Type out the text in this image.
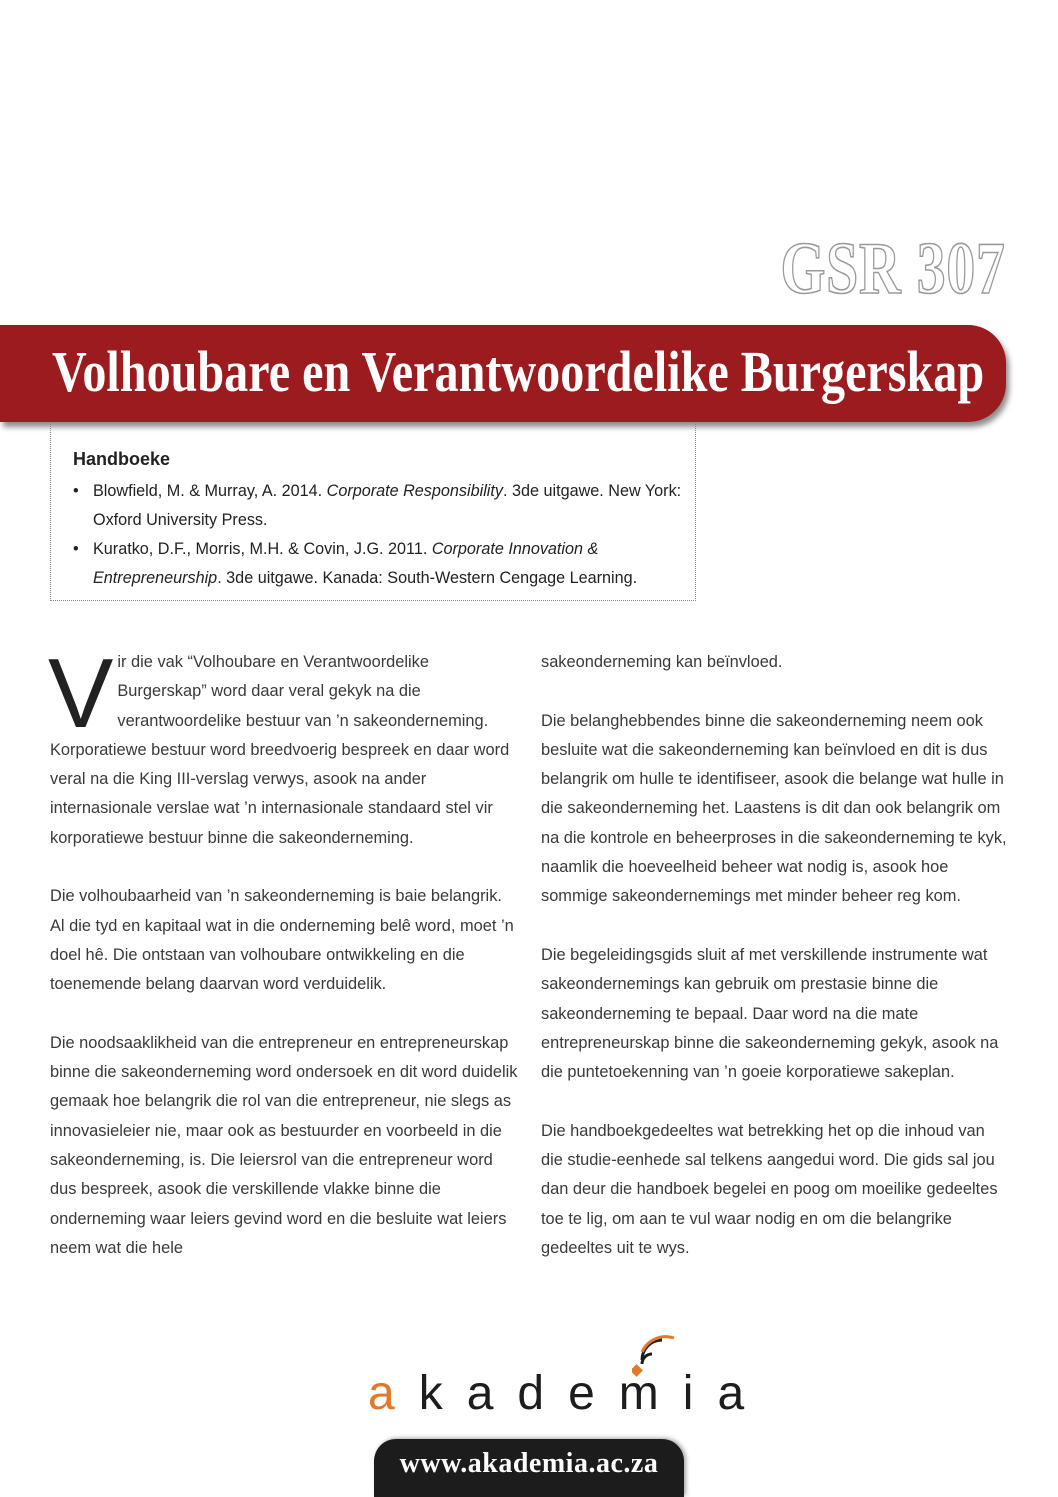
GSR 307
Volhoubare en Verantwoordelike Burgerskap
Handboeke
• Blowfield, M. & Murray, A. 2014. Corporate Responsibility. 3de uitgawe. New York: Oxford University Press.
• Kuratko, D.F., Morris, M.H. & Covin, J.G. 2011. Corporate Innovation & Entrepreneurship. 3de uitgawe. Kanada: South-Western Cengage Learning.

Vir die vak “Volhoubare en Verantwoordelike Burgerskap” word daar veral gekyk na die verantwoordelike bestuur van ’n sakeonderneming. Korporatiewe bestuur word breedvoerig bespreek en daar word veral na die King III-verslag verwys, asook na ander internasionale verslae wat ’n internasionale standaard stel vir korporatiewe bestuur binne die sakeonderneming.

Die volhoubaarheid van ’n sakeonderneming is baie belangrik. Al die tyd en kapitaal wat in die onderneming belê word, moet ’n doel hê. Die ontstaan van volhoubare ontwikkeling en die toenemende belang daarvan word verduidelik.

Die noodsaaklikheid van die entrepreneur en entrepreneurskap binne die sakeonderneming word ondersoek en dit word duidelik gemaak hoe belangrik die rol van die entrepreneur, nie slegs as innovasieleier nie, maar ook as bestuurder en voorbeeld in die sakeonderneming, is. Die leiersrol van die entrepreneur word dus bespreek, asook die verskillende vlakke binne die onderneming waar leiers gevind word en die besluite wat leiers neem wat die hele

sakeonderneming kan beïnvloed.

Die belanghebbendes binne die sakeonderneming neem ook besluite wat die sakeonderneming kan beïnvloed en dit is dus belangrik om hulle te identifiseer, asook die belange wat hulle in die sakeonderneming het. Laastens is dit dan ook belangrik om na die kontrole en beheerproses in die sakeonderneming te kyk, naamlik die hoeveelheid beheer wat nodig is, asook hoe sommige sakeondernemings met minder beheer reg kom.

Die begeleidingsgids sluit af met verskillende instrumente wat sakeondernemings kan gebruik om prestasie binne die sakeonderneming te bepaal. Daar word na die mate entrepreneurskap binne die sakeonderneming gekyk, asook na die puntetoekenning van ’n goeie korporatiewe sakeplan.

Die handboekgedeeltes wat betrekking het op die inhoud van die studie-eenhede sal telkens aangedui word. Die gids sal jou dan deur die handboek begelei en poog om moeilike gedeeltes toe te lig, om aan te vul waar nodig en om die belangrike gedeeltes uit te wys.

akademia
www.akademia.ac.za
